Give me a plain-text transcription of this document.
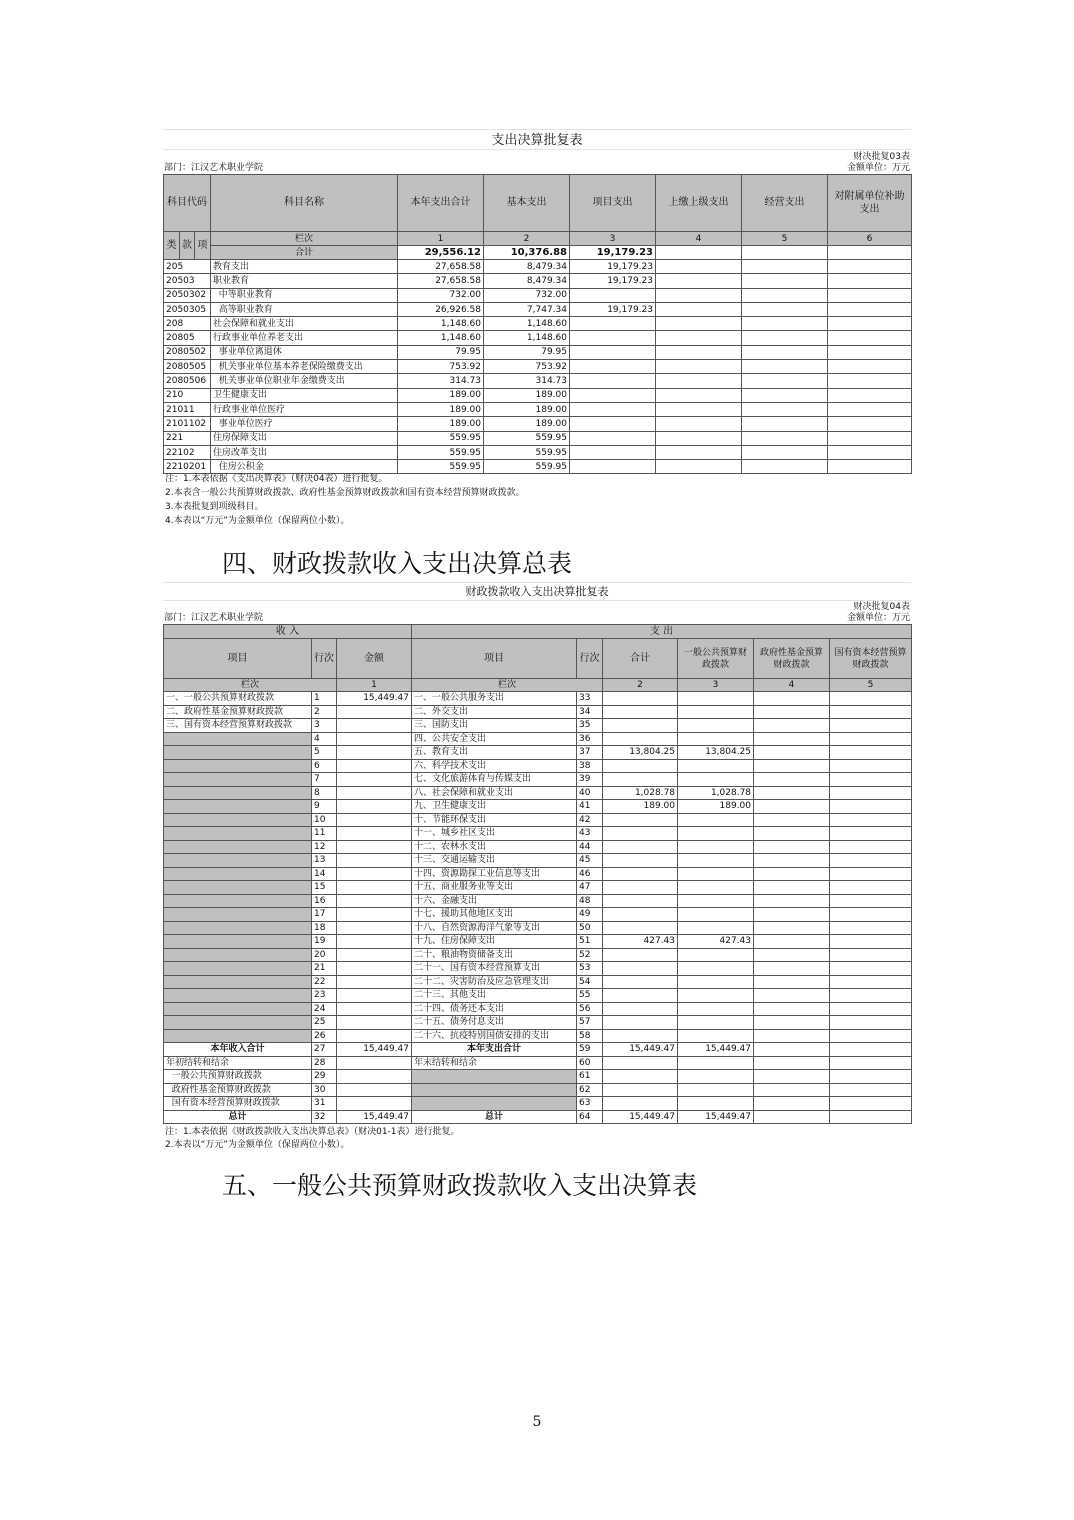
支出决算批复表
财决批复03表
部门：江汉艺术职业学院	金额单位：万元
科目代码			科目名称	本年支出合计	基本支出	项目支出	上缴上级支出	经营支出	对附属单位补助支出
类	款	项	栏次	1	2	3	4	5	6
			合计	29,556.12	10,376.88	19,179.23			
205			教育支出	27,658.58	8,479.34	19,179.23			
20503			职业教育	27,658.58	8,479.34	19,179.23			
2050302			中等职业教育	732.00	732.00				
2050305			高等职业教育	26,926.58	7,747.34	19,179.23			
208			社会保障和就业支出	1,148.60	1,148.60				
20805			行政事业单位养老支出	1,148.60	1,148.60				
2080502			事业单位离退休	79.95	79.95				
2080505			机关事业单位基本养老保险缴费支出	753.92	753.92				
2080506			机关事业单位职业年金缴费支出	314.73	314.73				
210			卫生健康支出	189.00	189.00				
21011			行政事业单位医疗	189.00	189.00				
2101102			事业单位医疗	189.00	189.00				
221			住房保障支出	559.95	559.95				
22102			住房改革支出	559.95	559.95				
2210201			住房公积金	559.95	559.95				
注：1.本表依据《支出决算表》（财决04表）进行批复。
2.本表含一般公共预算财政拨款、政府性基金预算财政拨款和国有资本经营预算财政拨款。
3.本表批复到项级科目。
4.本表以“万元”为金额单位（保留两位小数）。
四、财政拨款收入支出决算总表
财政拨款收入支出决算批复表
财决批复04表
部门：江汉艺术职业学院	金额单位：万元
收 入			支 出					
项目	行次	金额	项目	行次	合计	一般公共预算财政拨款	政府性基金预算财政拨款	国有资本经营预算财政拨款
栏次		1	栏次		2	3	4	5
一、一般公共预算财政拨款	1	15,449.47	一、一般公共服务支出	33				
二、政府性基金预算财政拨款	2		二、外交支出	34				
三、国有资本经营预算财政拨款	3		三、国防支出	35				
	4		四、公共安全支出	36				
	5		五、教育支出	37	13,804.25	13,804.25		
	6		六、科学技术支出	38				
	7		七、文化旅游体育与传媒支出	39				
	8		八、社会保障和就业支出	40	1,028.78	1,028.78		
	9		九、卫生健康支出	41	189.00	189.00		
	10		十、节能环保支出	42				
	11		十一、城乡社区支出	43				
	12		十二、农林水支出	44				
	13		十三、交通运输支出	45				
	14		十四、资源勘探工业信息等支出	46				
	15		十五、商业服务业等支出	47				
	16		十六、金融支出	48				
	17		十七、援助其他地区支出	49				
	18		十八、自然资源海洋气象等支出	50				
	19		十九、住房保障支出	51	427.43	427.43		
	20		二十、粮油物资储备支出	52				
	21		二十一、国有资本经营预算支出	53				
	22		二十二、灾害防治及应急管理支出	54				
	23		二十三、其他支出	55				
	24		二十四、债务还本支出	56				
	25		二十五、债务付息支出	57				
	26		二十六、抗疫特别国债安排的支出	58				
本年收入合计	27	15,449.47	本年支出合计	59	15,449.47	15,449.47		
年初结转和结余	28		年末结转和结余	60				
一般公共预算财政拨款	29			61				
政府性基金预算财政拨款	30			62				
国有资本经营预算财政拨款	31			63				
总计	32	15,449.47	总计	64	15,449.47	15,449.47		
注：1.本表依据《财政拨款收入支出决算总表》（财决01-1表）进行批复。
2.本表以“万元”为金额单位（保留两位小数）。
五、一般公共预算财政拨款收入支出决算表
5
